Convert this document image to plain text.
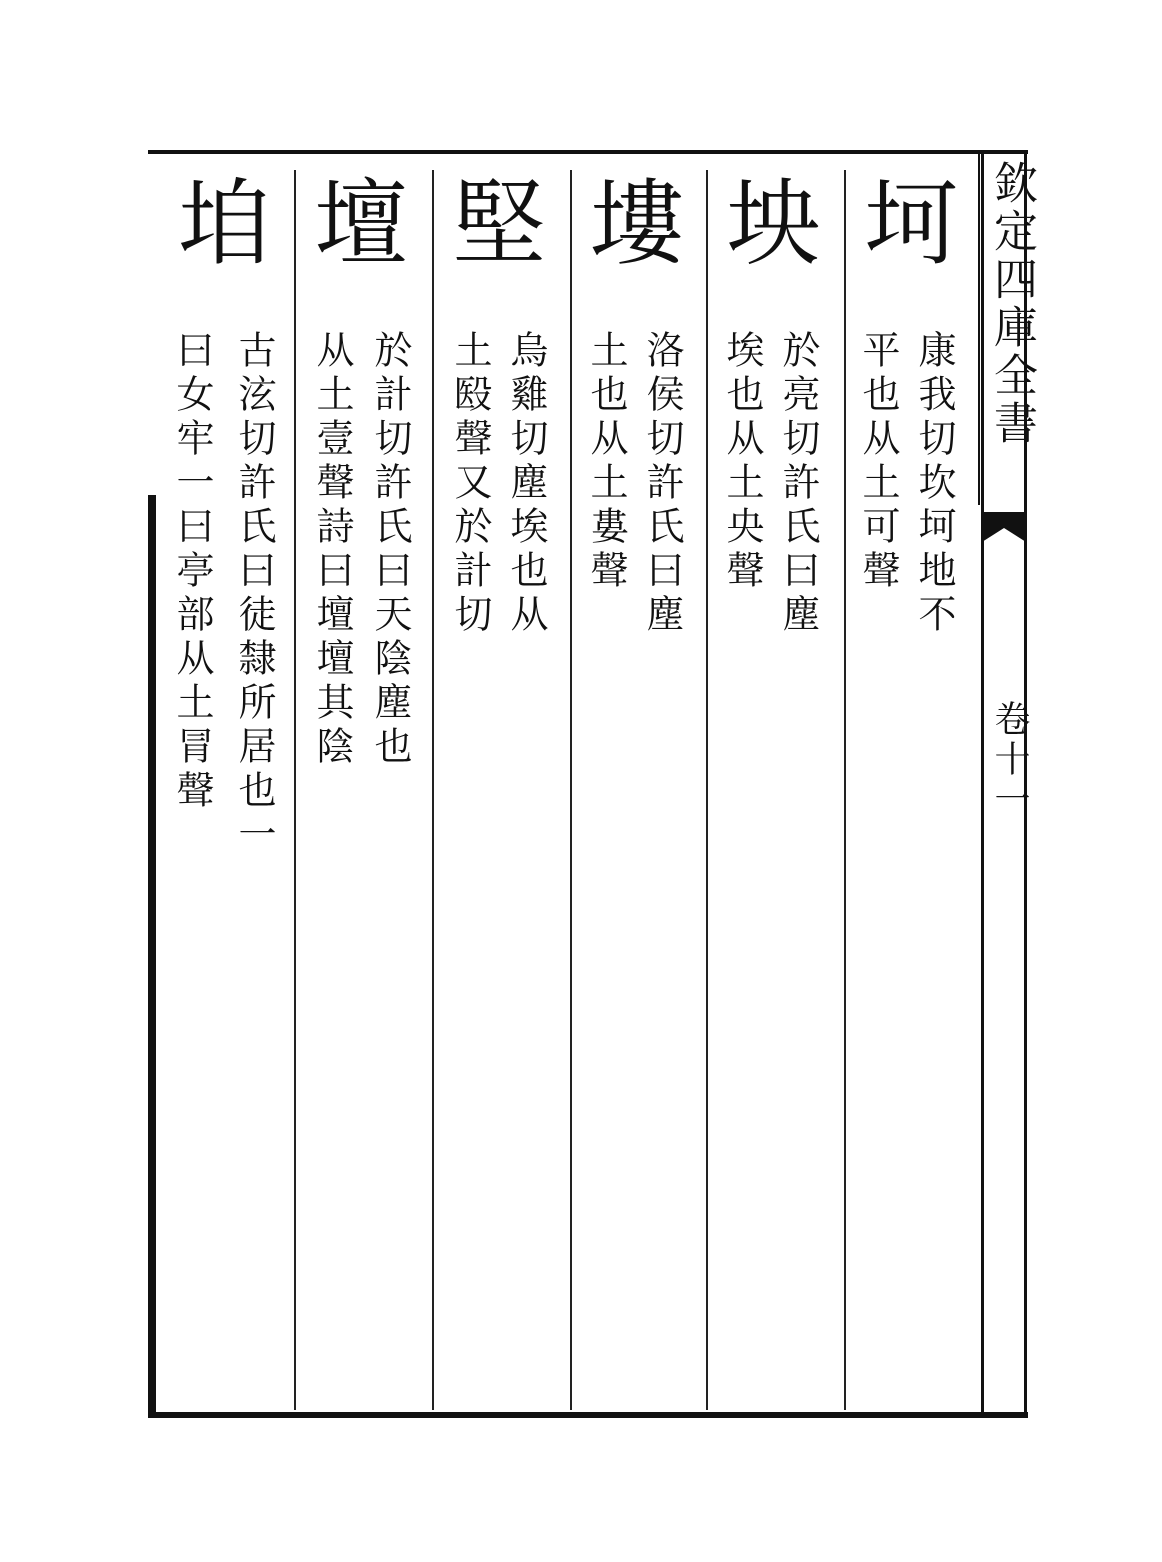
欽定四庫全書
卷十一
坷
康我切坎坷地不
平也从土可聲
坱
於亮切許氏曰塵
埃也从土央聲
塿
洛侯切許氏曰塵
土也从土婁聲
堅
烏雞切塵埃也从
土殹聲又於計切
壇
於計切許氏曰天陰塵也
从土壹聲詩曰壇壇其陰
垍
古泫切許氏曰徒隸所居也一
曰女牢一曰亭部从土冐聲
